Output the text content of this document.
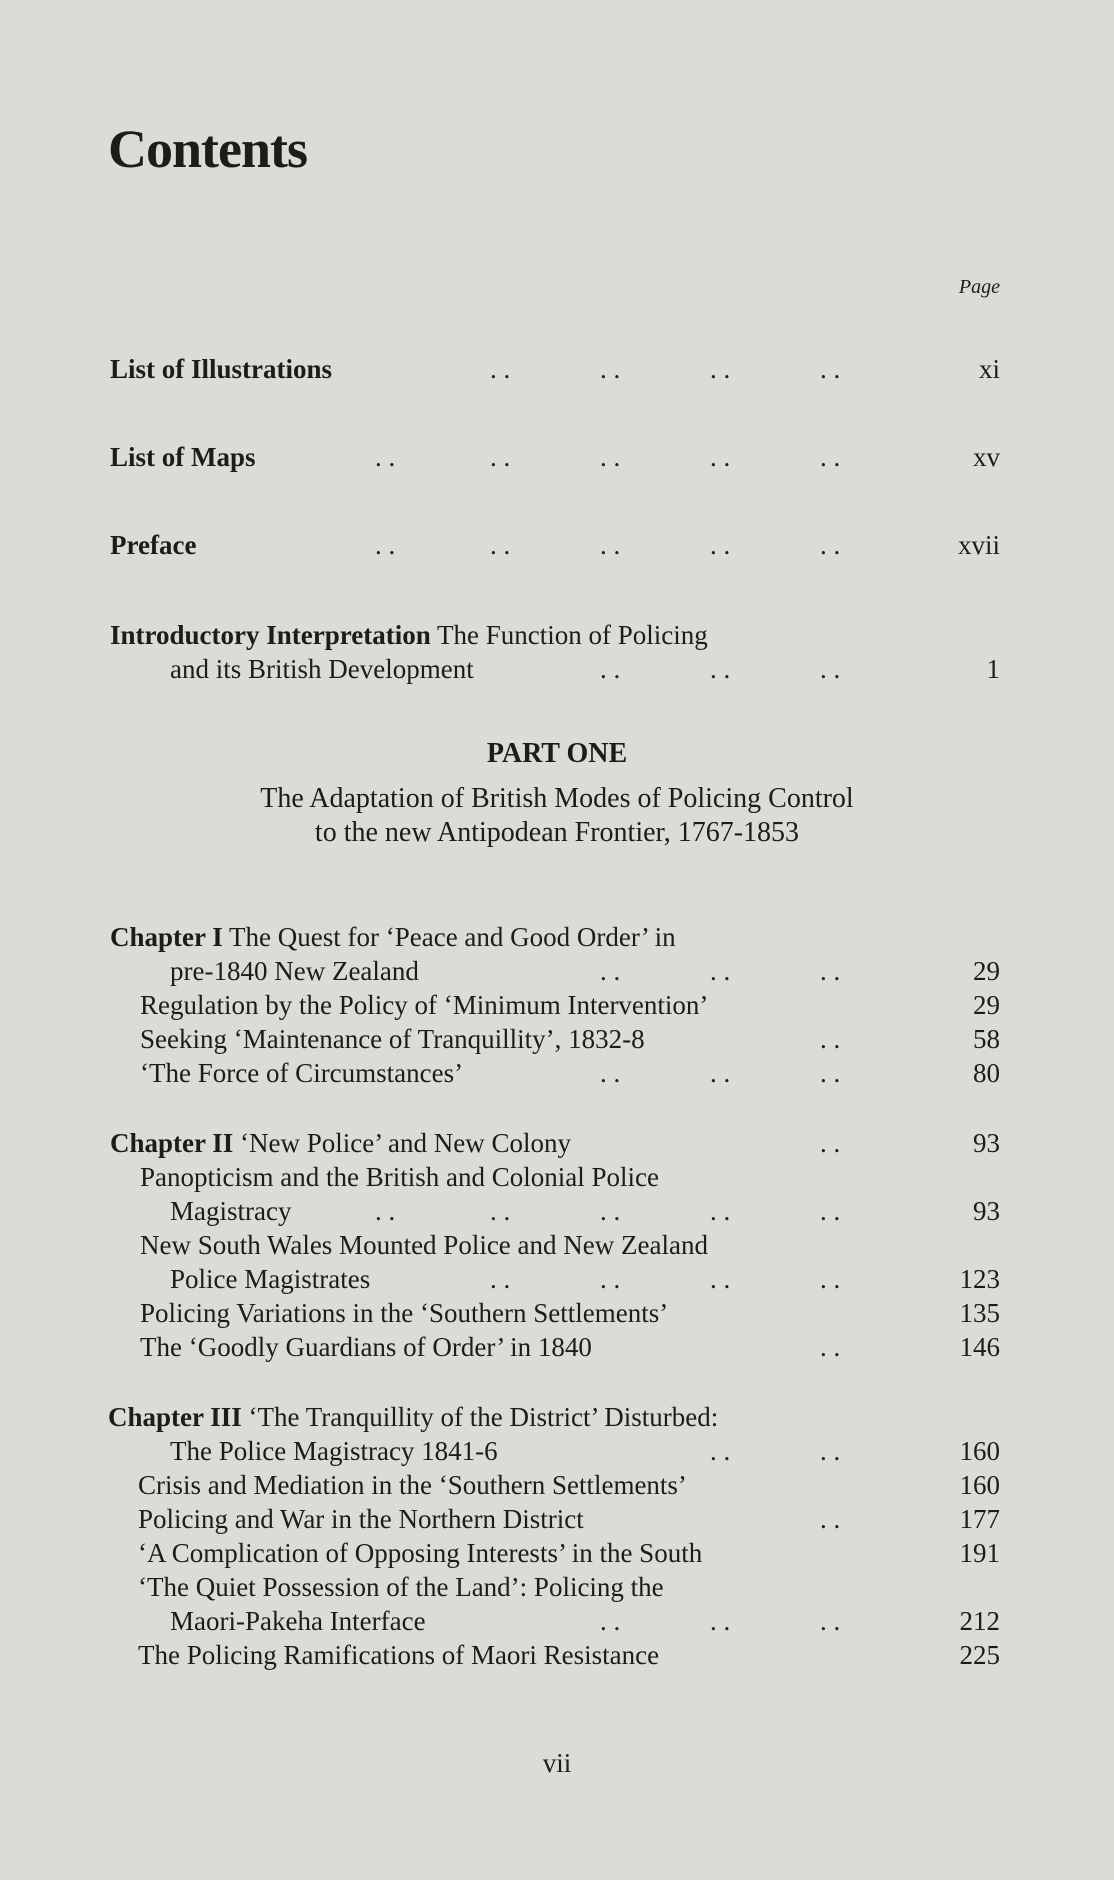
Contents
Page
List of Illustrations	. .	. .	. .	. .	xi
List of Maps	. .	. .	. .	. .	. .	xv
Preface	. .	. .	. .	. .	. .	xvii
Introductory Interpretation The Function of Policing
and its British Development	. .	. .	. .	1
PART ONE
The Adaptation of British Modes of Policing Control
to the new Antipodean Frontier, 1767-1853
Chapter I The Quest for ‘Peace and Good Order’ in
pre-1840 New Zealand	. .	. .	. .	29
Regulation by the Policy of ‘Minimum Intervention’	29
Seeking ‘Maintenance of Tranquillity’, 1832-8	. .	58
‘The Force of Circumstances’	. .	. .	. .	80
Chapter II ‘New Police’ and New Colony	. .	93
Panopticism and the British and Colonial Police
Magistracy	. .	. .	. .	. .	. .	93
New South Wales Mounted Police and New Zealand
Police Magistrates	. .	. .	. .	. .	123
Policing Variations in the ‘Southern Settlements’	135
The ‘Goodly Guardians of Order’ in 1840	. .	146
Chapter III ‘The Tranquillity of the District’ Disturbed:
The Police Magistracy 1841-6	. .	. .	160
Crisis and Mediation in the ‘Southern Settlements’	160
Policing and War in the Northern District	. .	177
‘A Complication of Opposing Interests’ in the South	191
‘The Quiet Possession of the Land’: Policing the
Maori-Pakeha Interface	. .	. .	. .	212
The Policing Ramifications of Maori Resistance	225
vii
